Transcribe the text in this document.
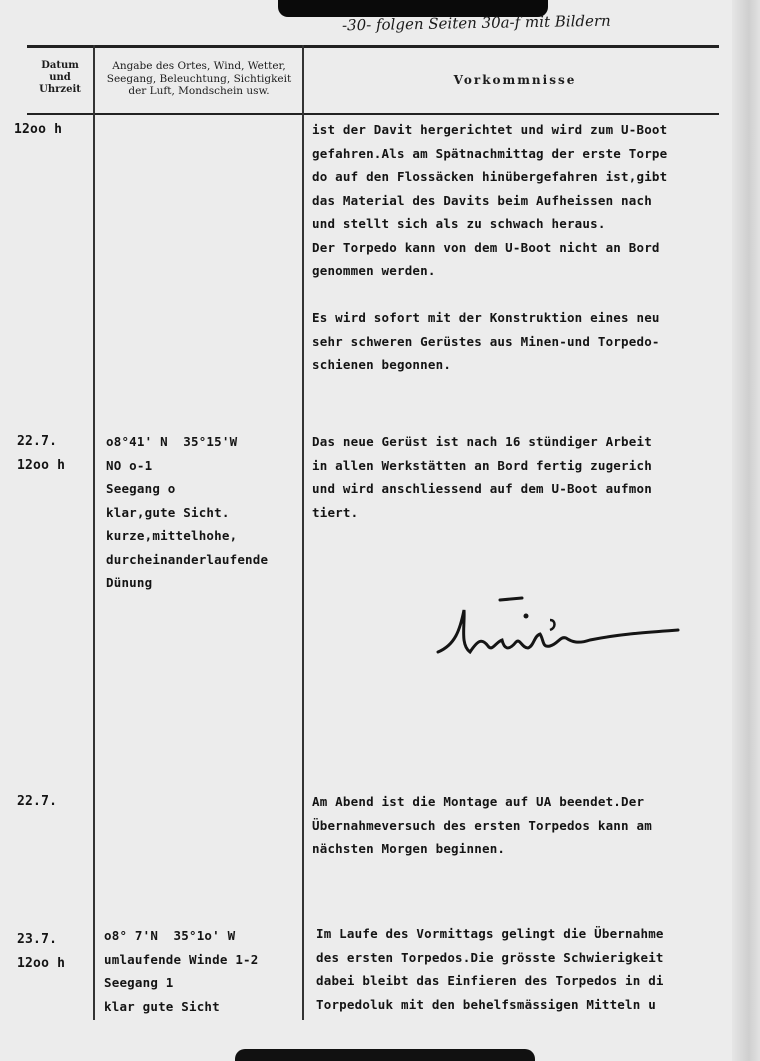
-30- folgen Seiten 30a-f mit Bildern
Datum
und
Uhrzeit
Angabe des Ortes, Wind, Wetter,
Seegang, Beleuchtung, Sichtigkeit
der Luft, Mondschein usw.
Vorkommnisse
12oo h	ist der Davit hergerichtet und wird zum U-Boot
gefahren.Als am Spätnachmittag der erste Torpe
do auf den Flossäcken hinübergefahren ist,gibt
das Material des Davits beim Aufheissen nach
und stellt sich als zu schwach heraus.
Der Torpedo kann von dem U-Boot nicht an Bord
genommen werden.

Es wird sofort mit der Konstruktion eines neu
sehr schweren Gerüstes aus Minen-und Torpedo-
schienen begonnen.
22.7.
12oo h
o8°41' N  35°15'W
NO o-1
Seegang o
klar,gute Sicht.
kurze,mittelhohe,
durcheinanderlaufende
Dünung
Das neue Gerüst ist nach 16 stündiger Arbeit
in allen Werkstätten an Bord fertig zugerich
und wird anschliessend auf dem U-Boot aufmon
tiert.
22.7.	Am Abend ist die Montage auf UA beendet.Der
Übernahmeversuch des ersten Torpedos kann am
nächsten Morgen beginnen.
23.7.
12oo h
o8° 7'N  35°1o' W
umlaufende Winde 1-2
Seegang 1
klar gute Sicht
Im Laufe des Vormittags gelingt die Übernahme
des ersten Torpedos.Die grösste Schwierigkeit
dabei bleibt das Einfieren des Torpedos in di
Torpedoluk mit den behelfsmässigen Mitteln u
